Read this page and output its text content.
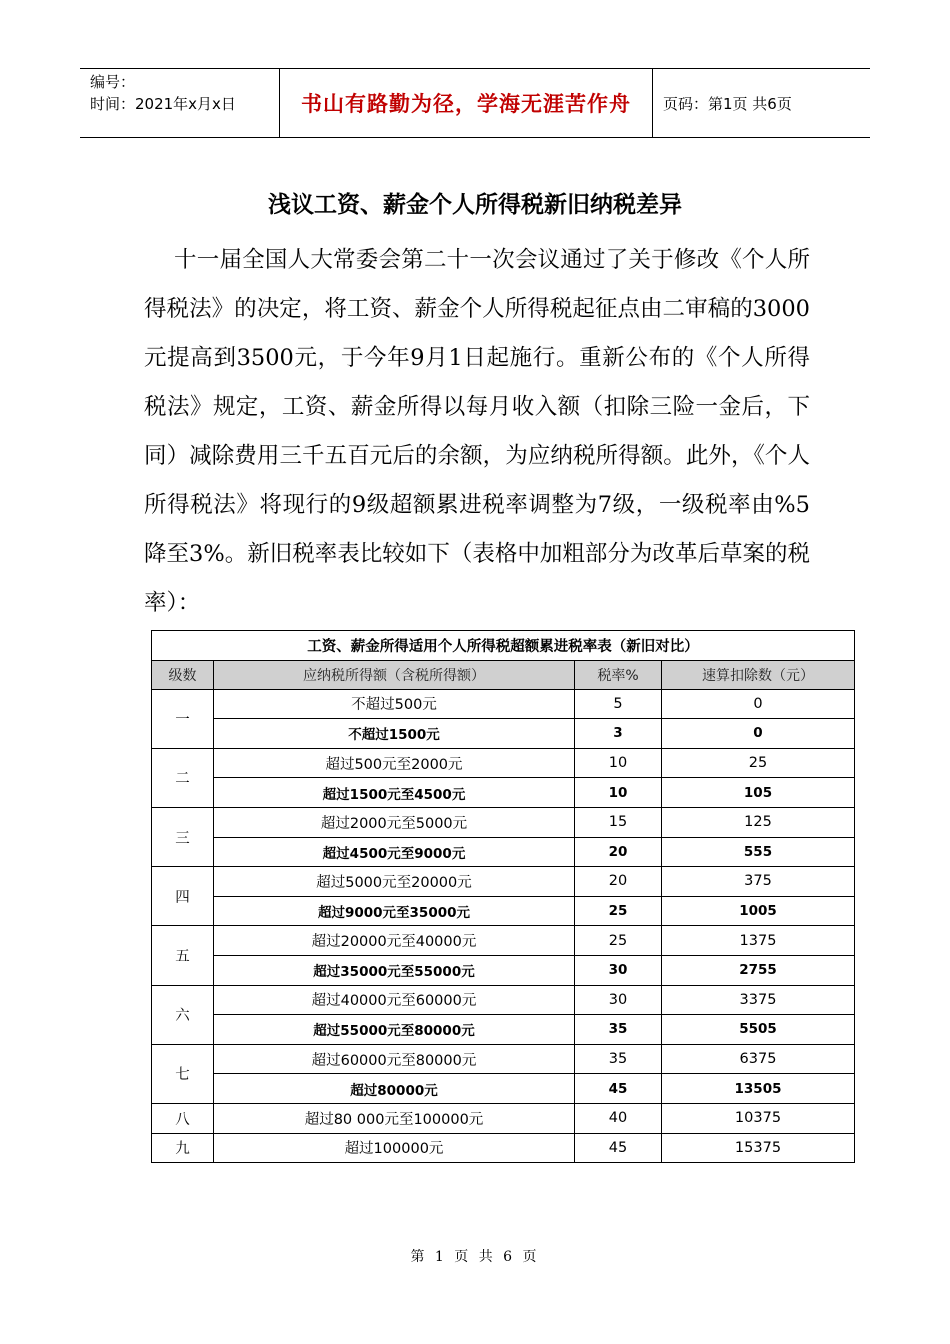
编号：
时间：2021年x月x日	书山有路勤为径，学海无涯苦作舟	页码：第1页 共6页
浅议工资、薪金个人所得税新旧纳税差异

十一届全国人大常委会第二十一次会议通过了关于修改《个人所得税法》的决定，将工资、薪金个人所得税起征点由二审稿的3000元提高到3500元，于今年9月1日起施行。重新公布的《个人所得税法》规定，工资、薪金所得以每月收入额（扣除三险一金后，下同）减除费用三千五百元后的余额，为应纳税所得额。此外，《个人所得税法》将现行的9级超额累进税率调整为7级，一级税率由%5降至3%。新旧税率表比较如下（表格中加粗部分为改革后草案的税率）：

工资、薪金所得适用个人所得税超额累进税率表（新旧对比）			
级数	应纳税所得额（含税所得额）	税率%	速算扣除数（元）
一	不超过500元	5	0
	不超过1500元	3	0
二	超过500元至2000元	10	25
	超过1500元至4500元	10	105
三	超过2000元至5000元	15	125
	超过4500元至9000元	20	555
四	超过5000元至20000元	20	375
	超过9000元至35000元	25	1005
五	超过20000元至40000元	25	1375
	超过35000元至55000元	30	2755
六	超过40000元至60000元	30	3375
	超过55000元至80000元	35	5505
七	超过60000元至80000元	35	6375
	超过80000元	45	13505
八	超过80 000元至100000元	40	10375
九	超过100000元	45	15375
第 1 页 共 6 页
